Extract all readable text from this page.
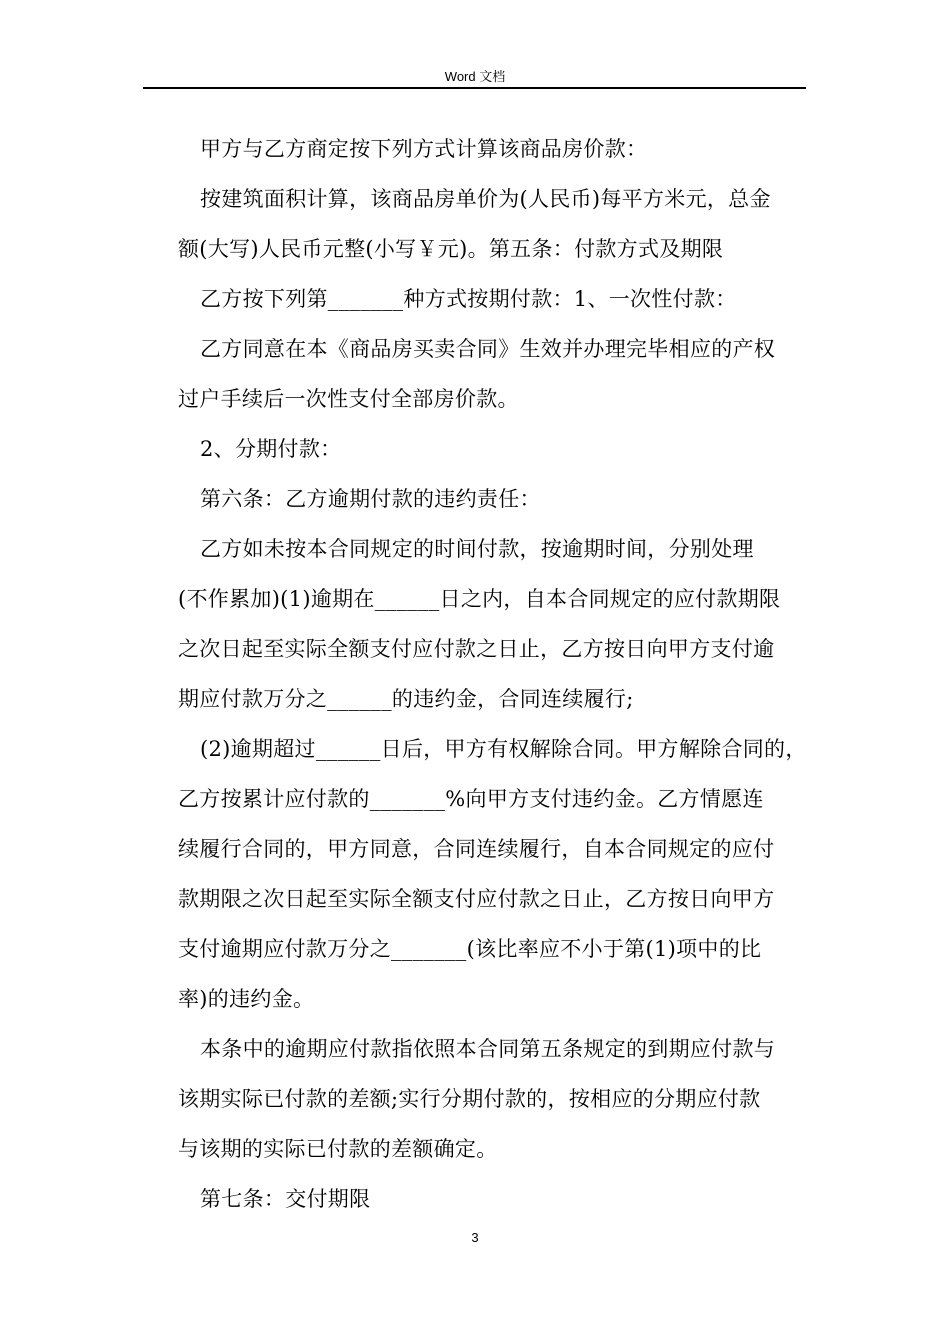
Word 文档
甲方与乙方商定按下列方式计算该商品房价款：
按建筑面积计算，该商品房单价为(人民币)每平方米元，总金
额(大写)人民币元整(小写￥元)。第五条：付款方式及期限
乙方按下列第_______种方式按期付款：1、一次性付款：
乙方同意在本《商品房买卖合同》生效并办理完毕相应的产权
过户手续后一次性支付全部房价款。
2、分期付款：
第六条：乙方逾期付款的违约责任：
乙方如未按本合同规定的时间付款，按逾期时间，分别处理
(不作累加)(1)逾期在______日之内，自本合同规定的应付款期限
之次日起至实际全额支付应付款之日止，乙方按日向甲方支付逾
期应付款万分之______的违约金，合同连续履行;
(2)逾期超过______日后，甲方有权解除合同。甲方解除合同的，
乙方按累计应付款的_______%向甲方支付违约金。乙方情愿连
续履行合同的，甲方同意，合同连续履行，自本合同规定的应付
款期限之次日起至实际全额支付应付款之日止，乙方按日向甲方
支付逾期应付款万分之_______(该比率应不小于第(1)项中的比
率)的违约金。
本条中的逾期应付款指依照本合同第五条规定的到期应付款与
该期实际已付款的差额;实行分期付款的，按相应的分期应付款
与该期的实际已付款的差额确定。
第七条：交付期限
3
